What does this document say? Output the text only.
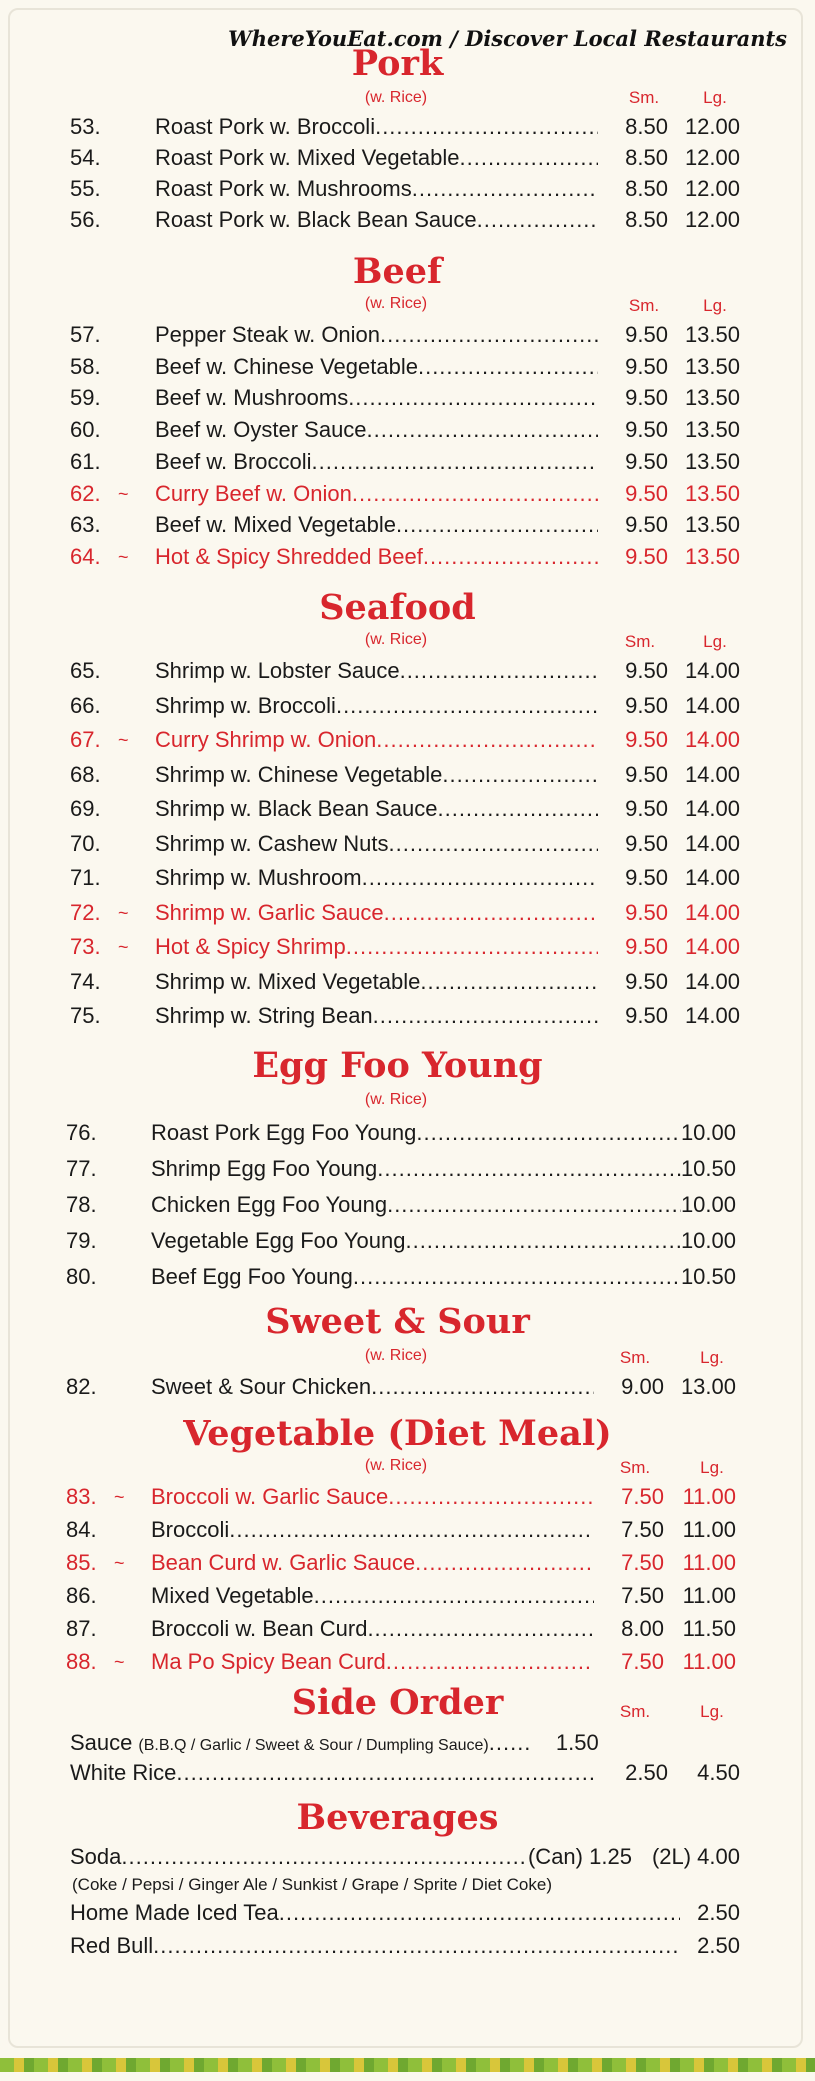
WhereYouEat.com / Discover Local Restaurants
Pork
(w. Rice)	Sm.	Lg.
53.	Roast Pork w. Broccoli .....	8.50 12.00
54.	Roast Pork w. Mixed Vegetable .....	8.50 12.00
55.	Roast Pork w. Mushrooms .....	8.50 12.00
56.	Roast Pork w. Black Bean Sauce .....	8.50 12.00
Beef
(w. Rice)	Sm.	Lg.
57.	Pepper Steak w. Onion .....	9.50 13.50
58.	Beef w. Chinese Vegetable .....	9.50 13.50
59.	Beef w. Mushrooms .....	9.50 13.50
60.	Beef w. Oyster Sauce .....	9.50 13.50
61.	Beef w. Broccoli .....	9.50 13.50
62. ~	Curry Beef w. Onion .....	9.50 13.50
63.	Beef w. Mixed Vegetable .....	9.50 13.50
64. ~	Hot & Spicy Shredded Beef .....	9.50 13.50
Seafood
(w. Rice)	Sm.	Lg.
65.	Shrimp w. Lobster Sauce .....	9.50 14.00
66.	Shrimp w. Broccoli .....	9.50 14.00
67. ~	Curry Shrimp w. Onion .....	9.50 14.00
68.	Shrimp w. Chinese Vegetable .....	9.50 14.00
69.	Shrimp w. Black Bean Sauce .....	9.50 14.00
70.	Shrimp w. Cashew Nuts .....	9.50 14.00
71.	Shrimp w. Mushroom .....	9.50 14.00
72. ~	Shrimp w. Garlic Sauce .....	9.50 14.00
73. ~	Hot & Spicy Shrimp .....	9.50 14.00
74.	Shrimp w. Mixed Vegetable .....	9.50 14.00
75.	Shrimp w. String Bean .....	9.50 14.00
Egg Foo Young
(w. Rice)
76.	Roast Pork Egg Foo Young .....	10.00
77.	Shrimp Egg Foo Young .....	10.50
78.	Chicken Egg Foo Young .....	10.00
79.	Vegetable Egg Foo Young .....	10.00
80.	Beef Egg Foo Young .....	10.50
Sweet & Sour
(w. Rice)	Sm.	Lg.
82.	Sweet & Sour Chicken .....	9.00 13.00
Vegetable (Diet Meal)
(w. Rice)	Sm.	Lg.
83. ~	Broccoli w. Garlic Sauce .....	7.50 11.00
84.	Broccoli .....	7.50 11.00
85. ~	Bean Curd w. Garlic Sauce .....	7.50 11.00
86.	Mixed Vegetable .....	7.50 11.00
87.	Broccoli w. Bean Curd .....	8.00 11.50
88. ~	Ma Po Spicy Bean Curd .....	7.50 11.00
Side Order	Sm.	Lg.
Sauce (B.B.Q / Garlic / Sweet & Sour / Dumpling Sauce) .....	1.50
White Rice .....	2.50	4.50
Beverages
Soda .....	(Can) 1.25 (2L) 4.00
(Coke / Pepsi / Ginger Ale / Sunkist / Grape / Sprite / Diet Coke)
Home Made Iced Tea .....	2.50
Red Bull .....	2.50
